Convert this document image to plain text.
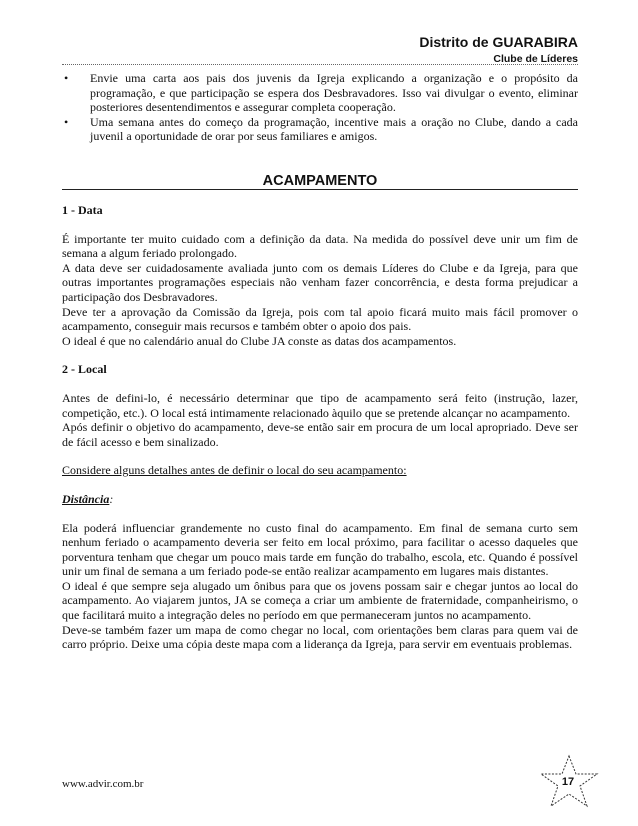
Distrito de GUARABIRA
Clube de Líderes
• Envie uma carta aos pais dos juvenis da Igreja explicando a organização e o propósito da programação, e que participação se espera dos Desbravadores. Isso vai divulgar o evento, eliminar posteriores desentendimentos e assegurar completa cooperação.
• Uma semana antes do começo da programação, incentive mais a oração no Clube, dando a cada juvenil a oportunidade de orar por seus familiares e amigos.
ACAMPAMENTO

1 - Data

É importante ter muito cuidado com a definição da data. Na medida do possível deve unir um fim de semana a algum feriado prolongado.

A data deve ser cuidadosamente avaliada junto com os demais Líderes do Clube e da Igreja, para que outras importantes programações especiais não venham fazer concorrência, e desta forma prejudicar a participação dos Desbravadores.

Deve ter a aprovação da Comissão da Igreja, pois com tal apoio ficará muito mais fácil promover o acampamento, conseguir mais recursos e também obter o apoio dos pais.

O ideal é que no calendário anual do Clube JA conste as datas dos acampamentos.

2 - Local

Antes de defini-lo, é necessário determinar que tipo de acampamento será feito (instrução, lazer, competição, etc.). O local está intimamente relacionado àquilo que se pretende alcançar no acampamento.

Após definir o objetivo do acampamento, deve-se então sair em procura de um local apropriado. Deve ser de fácil acesso e bem sinalizado.

Considere alguns detalhes antes de definir o local do seu acampamento:

Distância:

Ela poderá influenciar grandemente no custo final do acampamento. Em final de semana curto sem nenhum feriado o acampamento deveria ser feito em local próximo, para facilitar o acesso daqueles que porventura tenham que chegar um pouco mais tarde em função do trabalho, escola, etc. Quando é possível unir um final de semana a um feriado pode-se então realizar acampamento em lugares mais distantes.

O ideal é que sempre seja alugado um ônibus para que os jovens possam sair e chegar juntos ao local do acampamento. Ao viajarem juntos, JA se começa a criar um ambiente de fraternidade, companheirismo, o que facilitará muito a integração deles no período em que permaneceram juntos no acampamento.

Deve-se também fazer um mapa de como chegar no local, com orientações bem claras para quem vai de carro próprio. Deixe uma cópia deste mapa com a liderança da Igreja, para servir em eventuais problemas.

www.advir.com.br	17
